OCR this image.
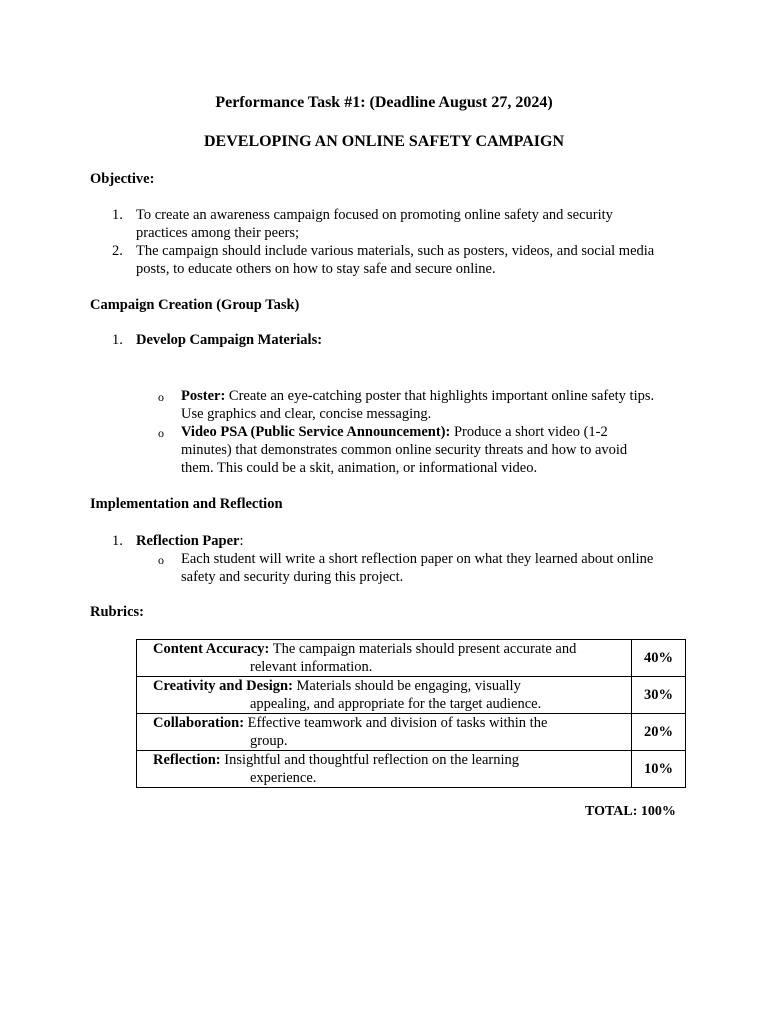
Performance Task #1: (Deadline August 27, 2024)
DEVELOPING AN ONLINE SAFETY CAMPAIGN
Objective:
1. To create an awareness campaign focused on promoting online safety and security
practices among their peers;
2. The campaign should include various materials, such as posters, videos, and social media
posts, to educate others on how to stay safe and secure online.
Campaign Creation (Group Task)
1. Develop Campaign Materials:
o Poster: Create an eye-catching poster that highlights important online safety tips.
Use graphics and clear, concise messaging.
o Video PSA (Public Service Announcement): Produce a short video (1-2
minutes) that demonstrates common online security threats and how to avoid
them. This could be a skit, animation, or informational video.
Implementation and Reflection
1. Reflection Paper:
o Each student will write a short reflection paper on what they learned about online
safety and security during this project.
Rubrics:
Content Accuracy: The campaign materials should present accurate and
relevant information.	40%

Creativity and Design: Materials should be engaging, visually
appealing, and appropriate for the target audience.	30%

Collaboration: Effective teamwork and division of tasks within the
group.	20%

Reflection: Insightful and thoughtful reflection on the learning
experience.	10%
TOTAL: 100%
